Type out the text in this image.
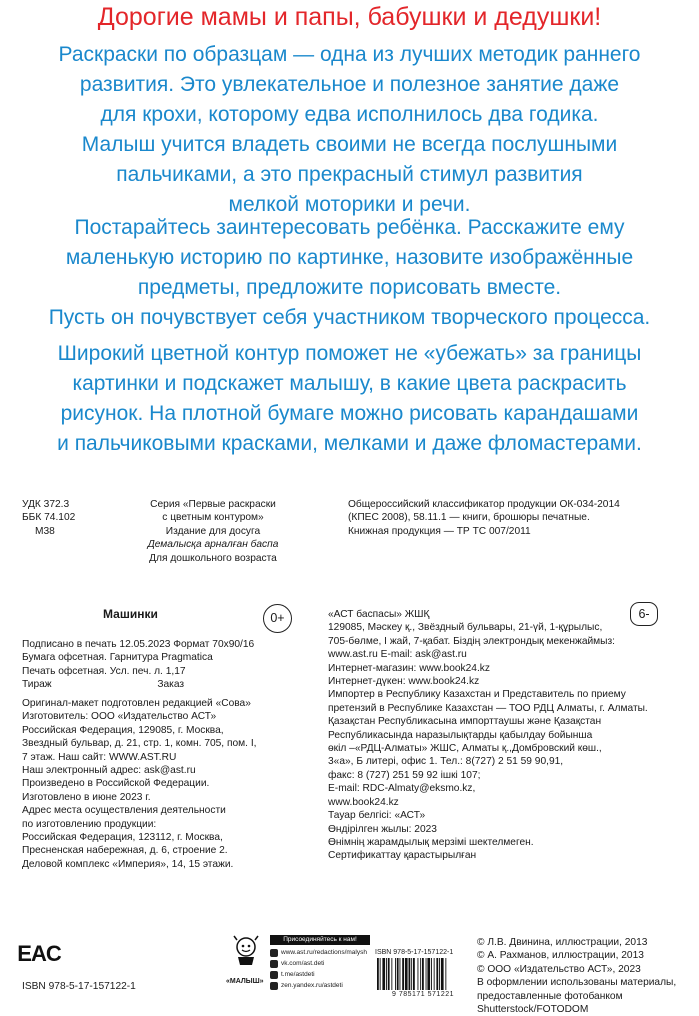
Дорогие мамы и папы, бабушки и дедушки!
Раскраски по образцам — одна из лучших методик раннего
развития. Это увлекательное и полезное занятие даже
для крохи, которому едва исполнилось два годика.
Малыш учится владеть своими не всегда послушными
пальчиками, а это прекрасный стимул развития
мелкой моторики и речи.
Постарайтесь заинтересовать ребёнка. Расскажите ему
маленькую историю по картинке, назовите изображённые
предметы, предложите порисовать вместе.
Пусть он почувствует себя участником творческого процесса.
Широкий цветной контур поможет не «убежать» за границы
картинки и подскажет малышу, в какие цвета раскрасить
рисунок. На плотной бумаге можно рисовать карандашами
и пальчиковыми красками, мелками и даже фломастерами.
УДК 372.3
ББК 74.102
М38
Серия «Первые раскраски
с цветным контуром»
Издание для досуга
Демалысқа арналған баспа
Для дошкольного возраста
Общероссийский классификатор продукции ОК-034-2014
(КПЕС 2008), 58.11.1 — книги, брошюры печатные.
Книжная продукция — ТР ТС 007/2011
Машинки	0+
Подписано в печать 12.05.2023 Формат 70х90/16
Бумага офсетная. Гарнитура Pragmatica
Печать офсетная. Усл. печ. л. 1,17
Тираж	Заказ
Оригинал-макет подготовлен редакцией «Сова»
Изготовитель: ООО «Издательство АСТ»
Российская Федерация, 129085, г. Москва,
Звездный бульвар, д. 21, стр. 1, комн. 705, пом. I,
7 этаж. Наш сайт: WWW.AST.RU
Наш электронный адрес: ask@ast.ru
Произведено в Российской Федерации.
Изготовлено в июне 2023 г.
Адрес места осуществления деятельности
по изготовлению продукции:
Российская Федерация, 123112, г. Москва,
Пресненская набережная, д. 6, строение 2.
Деловой комплекс «Империя», 14, 15 этажи.
6-
«АСТ баспасы» ЖШҚ
129085, Мәскеу қ., Звёздный бульвары, 21-үй, 1-құрылыс,
705-бөлме, I жай, 7-қабат. Біздің электрондық мекенжаймыз:
www.ast.ru E-mail: ask@ast.ru
Интернет-магазин: www.book24.kz
Интернет-дүкен: www.book24.kz
Импортер в Республику Казахстан и Представитель по приему
претензий в Республике Казахстан — ТОО РДЦ Алматы, г. Алматы.
Қазақстан Республикасына импорттаушы және Қазақстан
Республикасында наразылықтарды қабылдау бойынша
өкіл –«РДЦ-Алматы» ЖШС, Алматы қ.,Домбровский көш.,
3«а», Б литері, офис 1. Тел.: 8(727) 2 51 59 90,91,
факс: 8 (727) 251 59 92 ішкі 107;
E-mail: RDC-Almaty@eksmo.kz,
www.book24.kz
Тауар белгісі: «АСТ»
Өндірілген жылы: 2023
Өнімнің жарамдылық мерзімі шектелмеген.
Сертификаттау қарастырылған
EAC
ISBN 978-5-17-157122-1	«МАЛЫШ»
Присоединяйтесь к нам!
www.ast.ru/redactions/malysh
vk.com/ast.deti
t.me/astdeti
zen.yandex.ru/astdeti
ISBN 978-5-17-157122-1
9 785171 571221
© Л.В. Двинина, иллюстрации, 2013
© А. Рахманов, иллюстрации, 2013
© ООО «Издательство АСТ», 2023
В оформлении использованы материалы,
предоставленные фотобанком
Shutterstock/FOTODOM
